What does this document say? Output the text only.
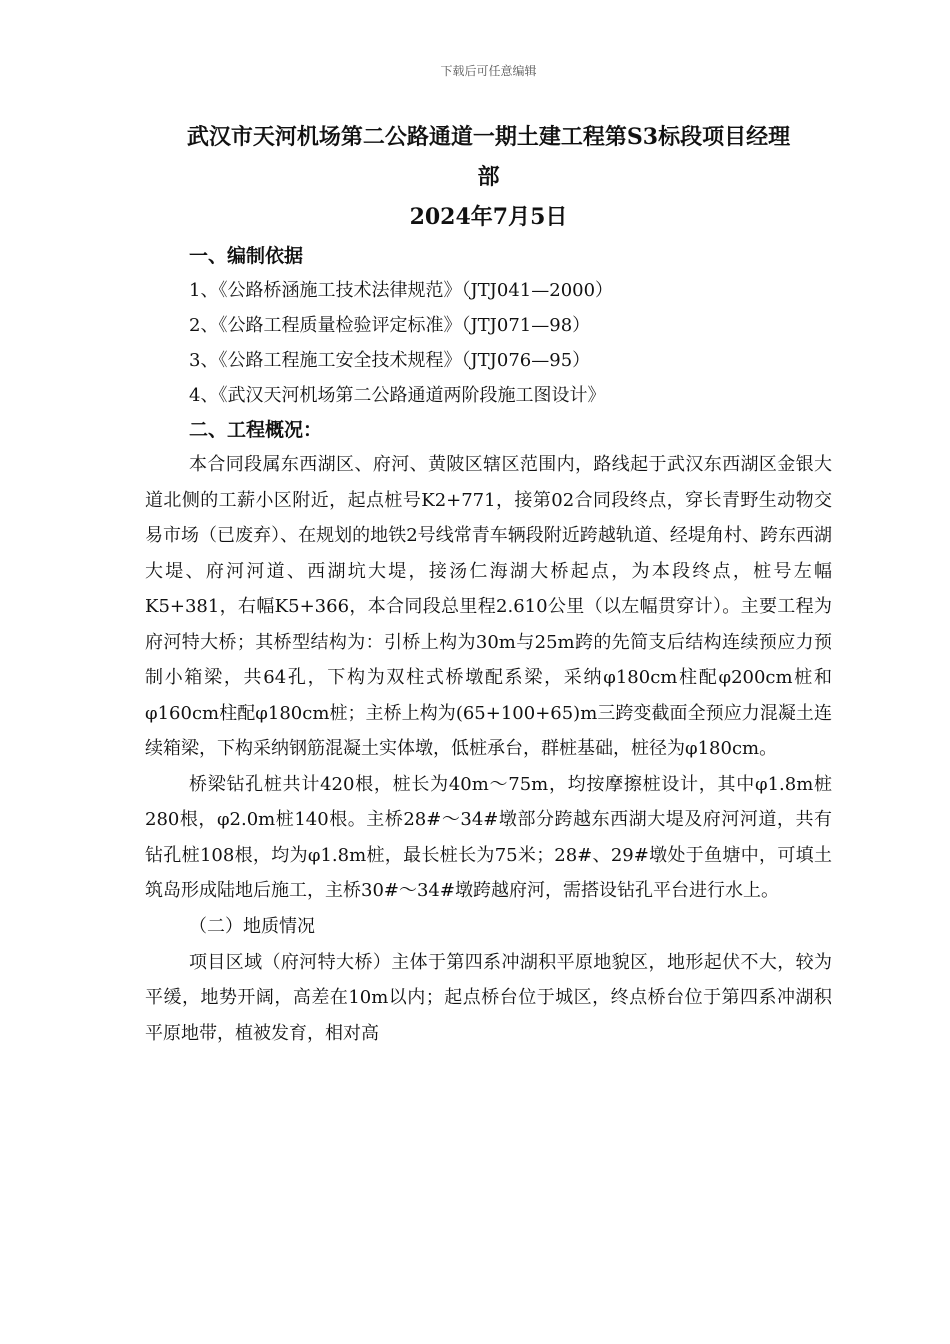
下载后可任意编辑
武汉市天河机场第二公路通道一期土建工程第S3标段项目经理
部
2024年7月5日
一、编制依据
1、《公路桥涵施工技术法律规范》（JTJ041—2000）
2、《公路工程质量检验评定标准》（JTJ071—98）
3、《公路工程施工安全技术规程》（JTJ076—95）
4、《武汉天河机场第二公路通道两阶段施工图设计》
二、工程概况：

本合同段属东西湖区、府河、黄陂区辖区范围内，路线起于武汉东西湖区金银大道北侧的工薪小区附近，起点桩号K2+771，接第02合同段终点，穿长青野生动物交易市场（已废弃）、在规划的地铁2号线常青车辆段附近跨越轨道、经堤角村、跨东西湖大堤、府河河道、西湖坑大堤，接汤仁海湖大桥起点，为本段终点，桩号左幅K5+381，右幅K5+366，本合同段总里程2.610公里（以左幅贯穿计）。主要工程为府河特大桥；其桥型结构为：引桥上构为30m与25m跨的先简支后结构连续预应力预制小箱梁，共64孔，下构为双柱式桥墩配系梁，采纳φ180cm柱配φ200cm桩和φ160cm柱配φ180cm桩；主桥上构为(65+100+65)m三跨变截面全预应力混凝土连续箱梁，下构采纳钢筋混凝土实体墩，低桩承台，群桩基础，桩径为φ180cm。

桥梁钻孔桩共计420根，桩长为40m～75m，均按摩擦桩设计，其中φ1.8m桩280根，φ2.0m桩140根。主桥28#～34#墩部分跨越东西湖大堤及府河河道，共有钻孔桩108根，均为φ1.8m桩，最长桩长为75米；28#、29#墩处于鱼塘中，可填土筑岛形成陆地后施工，主桥30#～34#墩跨越府河，需搭设钻孔平台进行水上。

（二）地质情况

项目区域（府河特大桥）主体于第四系冲湖积平原地貌区，地形起伏不大，较为平缓，地势开阔，高差在10m以内；起点桥台位于城区，终点桥台位于第四系冲湖积平原地带，植被发育，相对高
